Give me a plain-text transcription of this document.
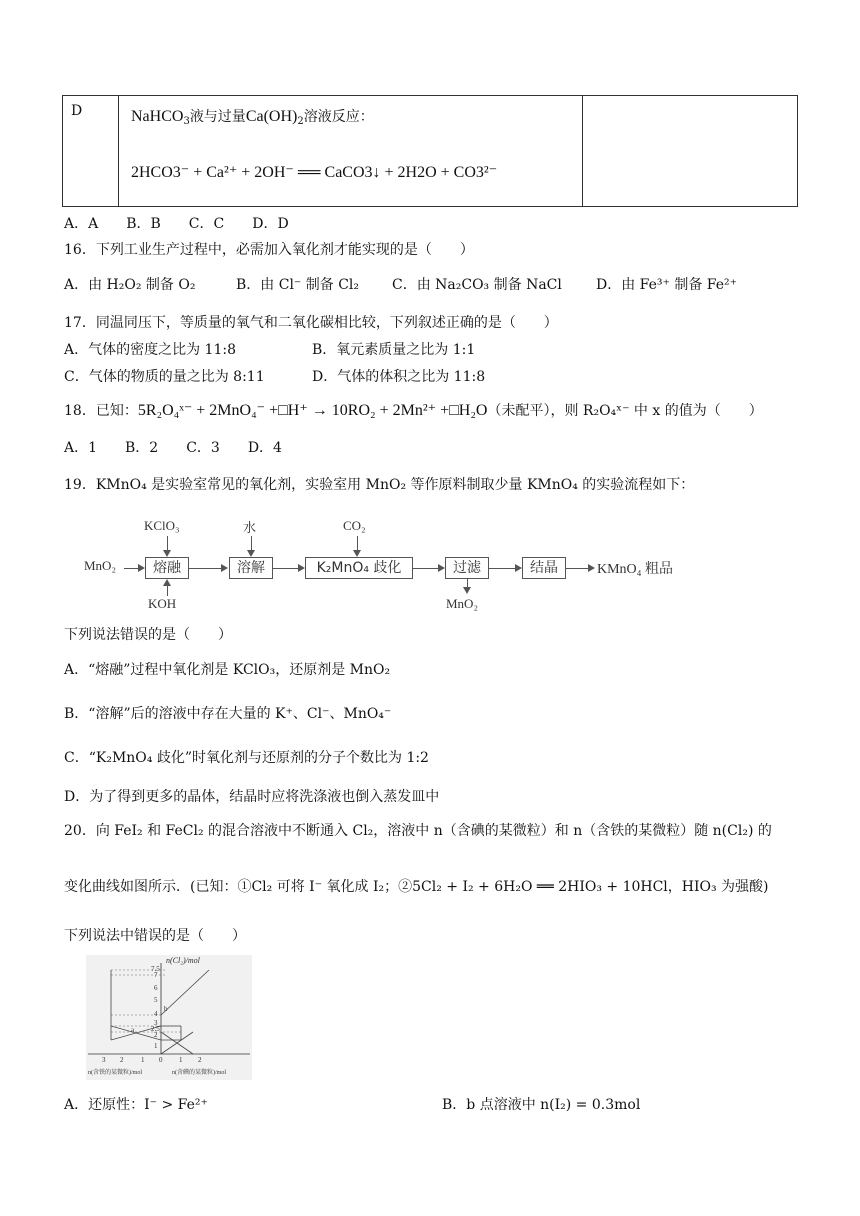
D	NaHCO$_3$液与过量$Ca(OH)_2$溶液反应：
2HCO3⁻ + Ca²⁺ + 2OH⁻ ══ CaCO3↓ + 2H2O + CO3²⁻
A．A　　B．B　　C．C　　D．D
16．下列工业生产过程中，必需加入氧化剂才能实现的是（　　）
A．由 H₂O₂ 制备 O₂	B．由 Cl⁻ 制备 Cl₂ C．由 Na₂CO₃ 制备 NaCl D．由 Fe³⁺ 制备 Fe²⁺
17．同温同压下，等质量的氧气和二氧化碳相比较，下列叙述正确的是（　　）
A．气体的密度之比为 11:8	B．氧元素质量之比为 1:1
C．气体的物质的量之比为 8:11	D．气体的体积之比为 11:8
18．已知：5R₂O₄ˣ⁻ + 2MnO₄⁻ +□H⁺ → 10RO₂ + 2Mn²⁺ +□H₂O（未配平），则 R₂O₄ˣ⁻ 中 x 的值为（　　）
A．1　　B．2　　C．3　　D．4
19．KMnO₄ 是实验室常见的氧化剂，实验室用 MnO₂ 等作原料制取少量 KMnO₄ 的实验流程如下：
MnO₂	熔融
KClO₃
KOH
溶解
水
K₂MnO₄ 歧化
CO₂
过滤
MnO₂
结晶	KMnO₄ 粗品
下列说法错误的是（　　）
A．“熔融”过程中氧化剂是 KClO₃，还原剂是 MnO₂
B．“溶解”后的溶液中存在大量的 K⁺、Cl⁻、MnO₄⁻
C．“K₂MnO₄ 歧化”时氧化剂与还原剂的分子个数比为 1:2
D．为了得到更多的晶体，结晶时应将洗涤液也倒入蒸发皿中
20．向 FeI₂ 和 FeCl₂ 的混合溶液中不断通入 Cl₂，溶液中 n（含碘的某微粒）和 n（含铁的某微粒）随 n(Cl₂) 的
变化曲线如图所示．(已知：①Cl₂ 可将 I⁻ 氧化成 I₂；②5Cl₂ + I₂ + 6H₂O ══ 2HIO₃ + 10HCl，HIO₃ 为强酸)
下列说法中错误的是（　　）
n(Cl₂)/mol
7.5
7
6
5
4
3
2.5
2
1
b
a
3 2	1 0 1 2
n(含铁的某微粒)/mol	n(含碘的某微粒)/mol
A．还原性：I⁻ > Fe²⁺	B．b 点溶液中 n(I₂) = 0.3mol
